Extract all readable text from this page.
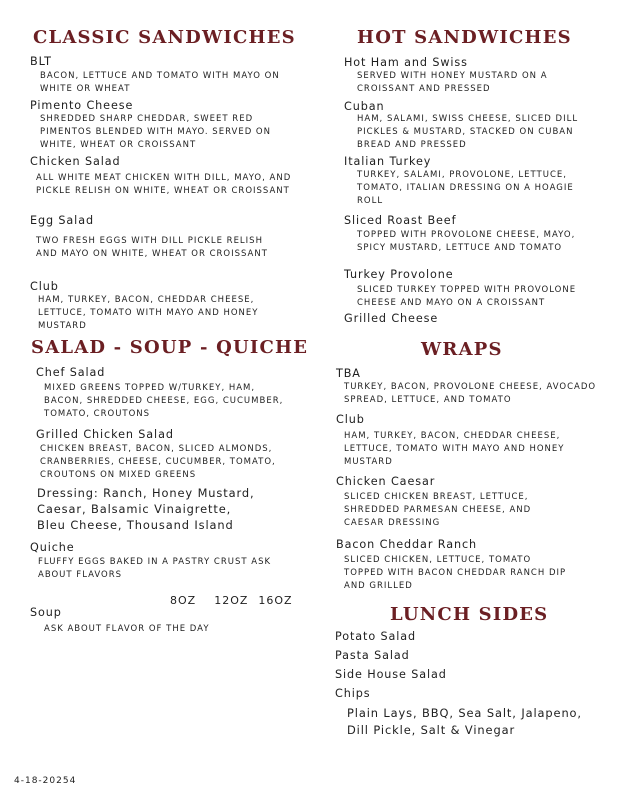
CLASSIC SANDWICHES
BLT
BACON, LETTUCE AND TOMATO WITH MAYO ON WHITE OR WHEAT
Pimento Cheese
SHREDDED SHARP CHEDDAR, SWEET RED PIMENTOS BLENDED WITH MAYO. SERVED ON WHITE, WHEAT OR CROISSANT
Chicken Salad
ALL WHITE MEAT CHICKEN WITH DILL, MAYO, AND PICKLE RELISH ON WHITE, WHEAT OR CROISSANT
Egg Salad
TWO FRESH EGGS WITH DILL PICKLE RELISH AND MAYO ON WHITE, WHEAT OR CROISSANT
Club
HAM, TURKEY, BACON, CHEDDAR CHEESE, LETTUCE, TOMATO WITH MAYO AND HONEY MUSTARD
HOT SANDWICHES
Hot Ham and Swiss
SERVED WITH HONEY MUSTARD ON A CROISSANT AND PRESSED
Cuban
HAM, SALAMI, SWISS CHEESE, SLICED DILL PICKLES & MUSTARD, STACKED ON CUBAN BREAD AND PRESSED
Italian Turkey
TURKEY, SALAMI, PROVOLONE, LETTUCE, TOMATO, ITALIAN DRESSING ON A HOAGIE ROLL
Sliced Roast Beef
TOPPED WITH PROVOLONE CHEESE, MAYO, SPICY MUSTARD, LETTUCE AND TOMATO
Turkey Provolone
SLICED TURKEY TOPPED WITH PROVOLONE CHEESE AND MAYO ON A CROISSANT
Grilled Cheese
SALAD - SOUP - QUICHE
Chef Salad
MIXED GREENS TOPPED W/TURKEY, HAM, BACON, SHREDDED CHEESE, EGG, CUCUMBER, TOMATO, CROUTONS
Grilled Chicken Salad
CHICKEN BREAST, BACON, SLICED ALMONDS, CRANBERRIES, CHEESE, CUCUMBER, TOMATO, CROUTONS ON MIXED GREENS
Dressing: Ranch, Honey Mustard,
Caesar, Balsamic Vinaigrette,
Bleu Cheese, Thousand Island
Quiche
FLUFFY EGGS BAKED IN A PASTRY CRUST ASK ABOUT FLAVORS
8OZ 12OZ 16OZ
Soup
ASK ABOUT FLAVOR OF THE DAY
WRAPS
TBA
TURKEY, BACON, PROVOLONE CHEESE, AVOCADO SPREAD, LETTUCE, AND TOMATO
Club
HAM, TURKEY, BACON, CHEDDAR CHEESE, LETTUCE, TOMATO WITH MAYO AND HONEY MUSTARD
Chicken Caesar
SLICED CHICKEN BREAST, LETTUCE, SHREDDED PARMESAN CHEESE, AND CAESAR DRESSING
Bacon Cheddar Ranch
SLICED CHICKEN, LETTUCE, TOMATO TOPPED WITH BACON CHEDDAR RANCH DIP AND GRILLED
LUNCH SIDES
Potato Salad
Pasta Salad
Side House Salad
Chips
Plain Lays, BBQ, Sea Salt, Jalapeno,
Dill Pickle, Salt & Vinegar
4-18-20254
